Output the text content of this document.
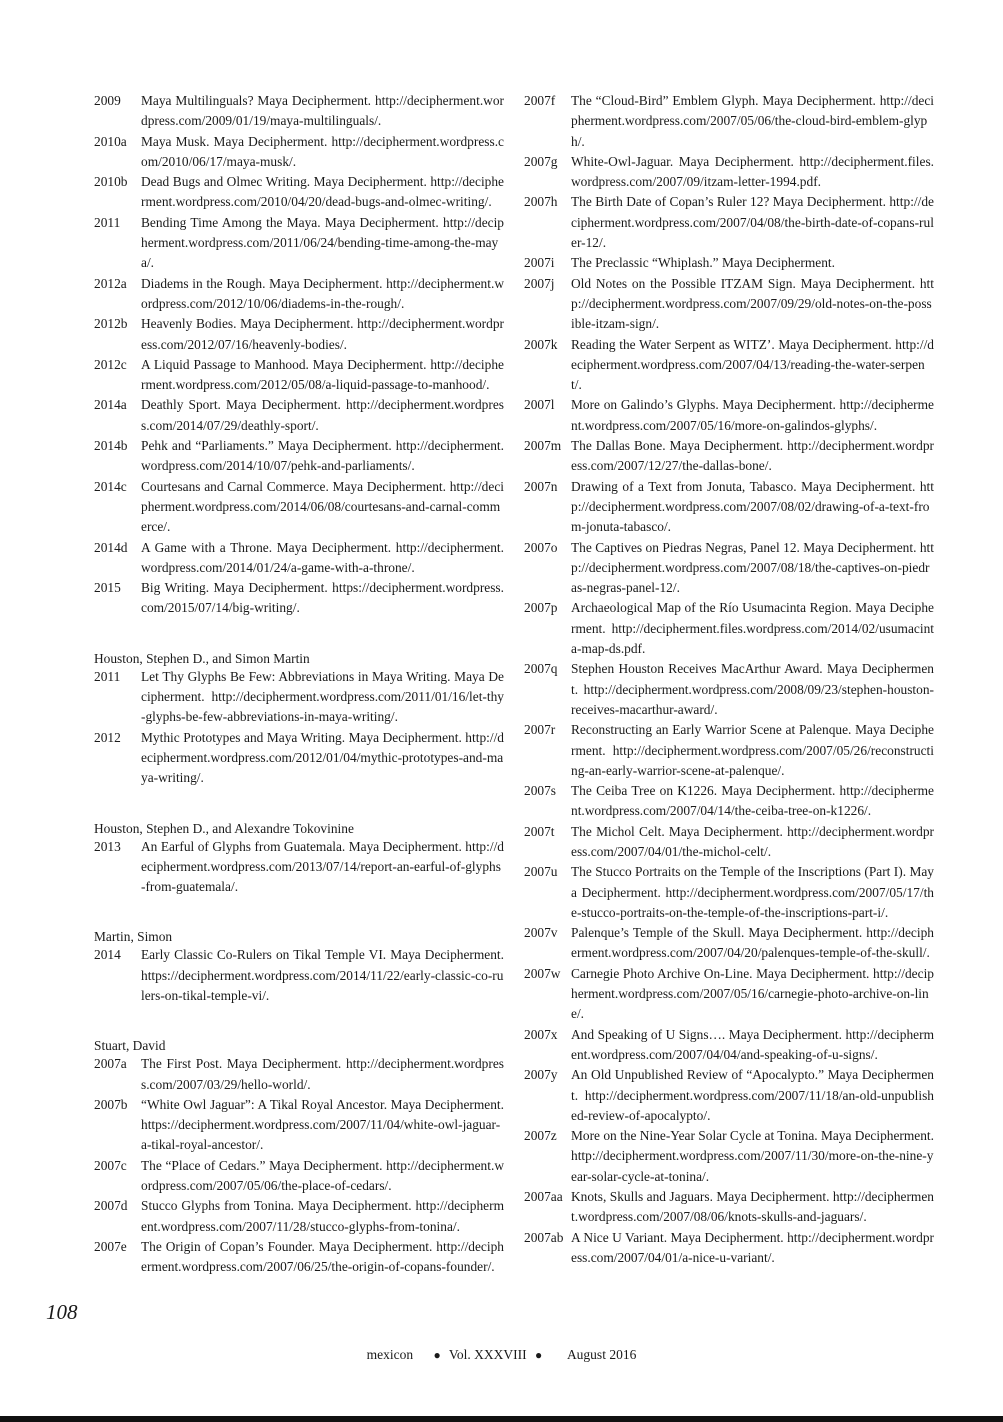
2009	Maya Multilinguals? Maya Decipherment. http://decipherment.wordpress.com/2009/01/19/maya-multilinguals/.
2010a	Maya Musk. Maya Decipherment. http://decipherment.wordpress.com/2010/06/17/maya-musk/.
2010b	Dead Bugs and Olmec Writing. Maya Decipherment. http://decipherment.wordpress.com/2010/04/20/dead-bugs-and-olmec-writing/.
2011	Bending Time Among the Maya. Maya Decipherment. http://decipherment.wordpress.com/2011/06/24/bending-time-among-the-maya/.
2012a	Diadems in the Rough. Maya Decipherment. http://decipherment.wordpress.com/2012/10/06/diadems-in-the-rough/.
2012b	Heavenly Bodies. Maya Decipherment. http://decipherment.wordpress.com/2012/07/16/heavenly-bodies/.
2012c	A Liquid Passage to Manhood. Maya Decipherment. http://decipherment.wordpress.com/2012/05/08/a-liquid-passage-to-manhood/.
2014a	Deathly Sport. Maya Decipherment. http://decipherment.wordpress.com/2014/07/29/deathly-sport/.
2014b	Pehk and “Parliaments.” Maya Decipherment. http://decipherment.wordpress.com/2014/10/07/pehk-and-parliaments/.
2014c	Courtesans and Carnal Commerce. Maya Decipherment. http://decipherment.wordpress.com/2014/06/08/courtesans-and-carnal-commerce/.
2014d	A Game with a Throne. Maya Decipherment. http://decipherment.wordpress.com/2014/01/24/a-game-with-a-throne/.
2015	Big Writing. Maya Decipherment. https://decipherment.wordpress.com/2015/07/14/big-writing/.
Houston, Stephen D., and Simon Martin
2011	Let Thy Glyphs Be Few: Abbreviations in Maya Writing. Maya Decipherment. http://decipherment.wordpress.com/2011/01/16/let-thy-glyphs-be-few-abbreviations-in-maya-writing/.
2012	Mythic Prototypes and Maya Writing. Maya Decipherment. http://decipherment.wordpress.com/2012/01/04/mythic-prototypes-and-maya-writing/.
Houston, Stephen D., and Alexandre Tokovinine
2013	An Earful of Glyphs from Guatemala. Maya Decipherment. http://decipherment.wordpress.com/2013/07/14/report-an-earful-of-glyphs-from-guatemala/.
Martin, Simon
2014	Early Classic Co-Rulers on Tikal Temple VI. Maya Decipherment. https://decipherment.wordpress.com/2014/11/22/early-classic-co-rulers-on-tikal-temple-vi/.
Stuart, David
2007a	The First Post. Maya Decipherment. http://decipherment.wordpress.com/2007/03/29/hello-world/.
2007b	“White Owl Jaguar”: A Tikal Royal Ancestor. Maya Decipherment. https://decipherment.wordpress.com/2007/11/04/white-owl-jaguar-a-tikal-royal-ancestor/.
2007c	The “Place of Cedars.” Maya Decipherment. http://decipherment.wordpress.com/2007/05/06/the-place-of-cedars/.
2007d	Stucco Glyphs from Tonina. Maya Decipherment. http://decipherment.wordpress.com/2007/11/28/stucco-glyphs-from-tonina/.
2007e	The Origin of Copan’s Founder. Maya Decipherment. http://decipherment.wordpress.com/2007/06/25/the-origin-of-copans-founder/.
2007f	The “Cloud-Bird” Emblem Glyph. Maya Decipherment. http://decipherment.wordpress.com/2007/05/06/the-cloud-bird-emblem-glyph/.
2007g	White-Owl-Jaguar. Maya Decipherment. http://decipherment.files.wordpress.com/2007/09/itzam-letter-1994.pdf.
2007h	The Birth Date of Copan’s Ruler 12? Maya Decipherment. http://decipherment.wordpress.com/2007/04/08/the-birth-date-of-copans-ruler-12/.
2007i	The Preclassic “Whiplash.” Maya Decipherment.
2007j	Old Notes on the Possible ITZAM Sign. Maya Decipherment. http://decipherment.wordpress.com/2007/09/29/old-notes-on-the-possible-itzam-sign/.
2007k	Reading the Water Serpent as WITZ’. Maya Decipherment. http://decipherment.wordpress.com/2007/04/13/reading-the-water-serpent/.
2007l	More on Galindo’s Glyphs. Maya Decipherment. http://decipherment.wordpress.com/2007/05/16/more-on-galindos-glyphs/.
2007m The Dallas Bone. Maya Decipherment. http://decipherment.wordpress.com/2007/12/27/the-dallas-bone/.
2007n	Drawing of a Text from Jonuta, Tabasco. Maya Decipherment. http://decipherment.wordpress.com/2007/08/02/drawing-of-a-text-from-jonuta-tabasco/.
2007o	The Captives on Piedras Negras, Panel 12. Maya Decipherment. http://decipherment.wordpress.com/2007/08/18/the-captives-on-piedras-negras-panel-12/.
2007p	Archaeological Map of the Río Usumacinta Region. Maya Decipherment. http://decipherment.files.wordpress.com/2014/02/usumacinta-map-ds.pdf.
2007q	Stephen Houston Receives MacArthur Award. Maya Decipherment. http://decipherment.wordpress.com/2008/09/23/stephen-houston-receives-macarthur-award/.
2007r	Reconstructing an Early Warrior Scene at Palenque. Maya Decipherment. http://decipherment.wordpress.com/2007/05/26/reconstructing-an-early-warrior-scene-at-palenque/.
2007s	The Ceiba Tree on K1226. Maya Decipherment. http://decipherment.wordpress.com/2007/04/14/the-ceiba-tree-on-k1226/.
2007t	The Michol Celt. Maya Decipherment. http://decipherment.wordpress.com/2007/04/01/the-michol-celt/.
2007u	The Stucco Portraits on the Temple of the Inscriptions (Part I). Maya Decipherment. http://decipherment.wordpress.com/2007/05/17/the-stucco-portraits-on-the-temple-of-the-inscriptions-part-i/.
2007v	Palenque’s Temple of the Skull. Maya Decipherment. http://decipherment.wordpress.com/2007/04/20/palenques-temple-of-the-skull/.
2007w Carnegie Photo Archive On-Line. Maya Decipherment. http://decipherment.wordpress.com/2007/05/16/carnegie-photo-archive-on-line/.
2007x	And Speaking of U Signs…. Maya Decipherment. http://decipherment.wordpress.com/2007/04/04/and-speaking-of-u-signs/.
2007y	An Old Unpublished Review of “Apocalypto.” Maya Decipherment. http://decipherment.wordpress.com/2007/11/18/an-old-unpublished-review-of-apocalypto/.
2007z	More on the Nine-Year Solar Cycle at Tonina. Maya Decipherment. http://decipherment.wordpress.com/2007/11/30/more-on-the-nine-year-solar-cycle-at-tonina/.
2007aa Knots, Skulls and Jaguars. Maya Decipherment. http://decipherment.wordpress.com/2007/08/06/knots-skulls-and-jaguars/.
2007ab A Nice U Variant. Maya Decipherment. http://decipherment.wordpress.com/2007/04/01/a-nice-u-variant/.
108
mexicon ● Vol. XXXVIII ● August 2016
